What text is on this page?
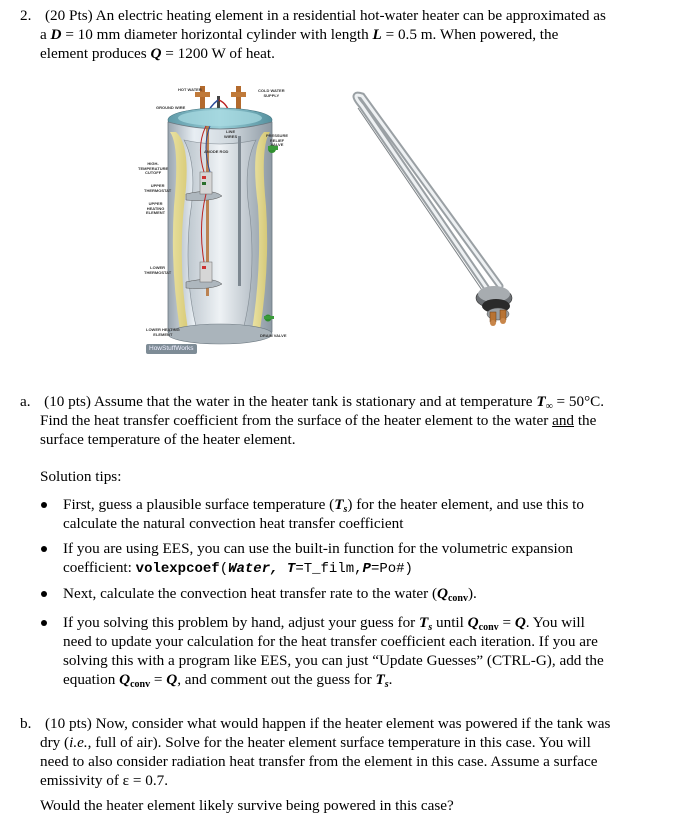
2. (20 Pts) An electric heating element in a residential hot-water heater can be approximated as
a D = 10 mm diameter horizontal cylinder with length L = 0.5 m. When powered, the
element produces Q = 1200 W of heat.
HOT WATER	COLD WATER
SUPPLY
GROUND WIRE
LINE
WIRES	PRESSURE
RELIEF
VALVE
ANODE ROD
HIGH-
TEMPERATURE
CUTOFF
UPPER
THERMOSTAT
UPPER
HEATING
ELEMENT
LOWER
THERMOSTAT
LOWER HEATING
ELEMENT	DRAIN VALVE
HowStuffWorks
a. (10 pts) Assume that the water in the heater tank is stationary and at temperature $T_\infty = 50^\circ C$.
Find the heat transfer coefficient from the surface of the heater element to the water and the
surface temperature of the heater element.
Solution tips:
First, guess a plausible surface temperature $(T_s)$ for the heater element, and use this to
calculate the natural convection heat transfer coefficient
If you are using EES, you can use the built-in function for the volumetric expansion
coefficient: volexpcoef(Water, T=T_film,P=Po#)
Next, calculate the convection heat transfer rate to the water $(Q_{conv})$.
If you solving this problem by hand, adjust your guess for $T_s$ until $Q_{conv} = Q$. You will
need to update your calculation for the heat transfer coefficient each iteration. If you are
solving this with a program like EES, you can just “Update Guesses” (CTRL-G), add the
equation $Q_{conv} = Q$, and comment out the guess for $T_s$.
b. (10 pts) Now, consider what would happen if the heater element was powered if the tank was
dry (i.e., full of air). Solve for the heater element surface temperature in this case. You will
need to also consider radiation heat transfer from the element in this case. Assume a surface
emissivity of ε = 0.7.
Would the heater element likely survive being powered in this case?
